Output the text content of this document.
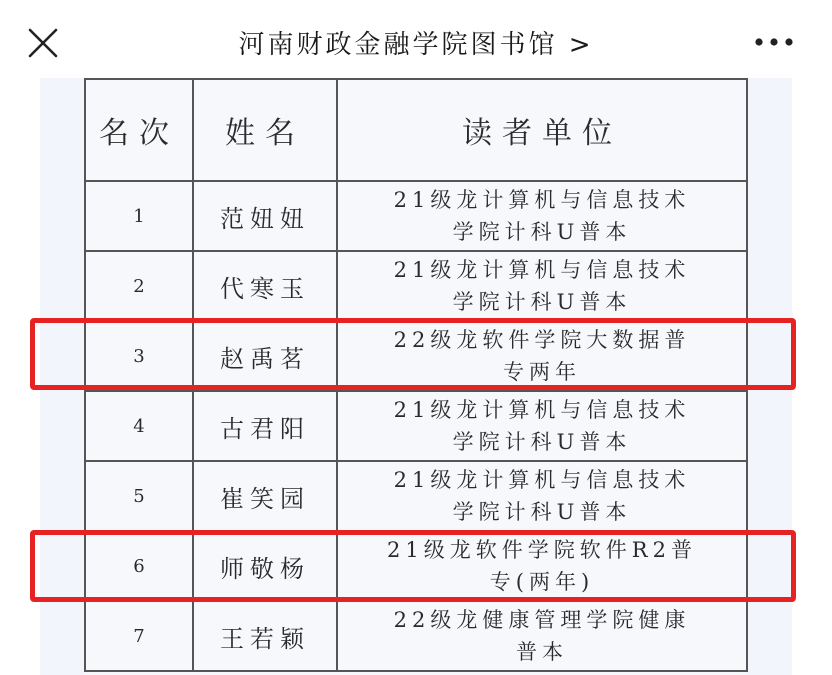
河南财政金融学院图书馆 >
名次	姓名	读者单位
1	范妞妞	21级龙计算机与信息技术
学院计科U普本

2	代寒玉	21级龙计算机与信息技术
学院计科U普本

3	赵禹茗	22级龙软件学院大数据普
专两年

4	古君阳	21级龙计算机与信息技术
学院计科U普本

5	崔笑园	21级龙计算机与信息技术
学院计科U普本

6	师敬杨	21级龙软件学院软件R2普
专(两年)

7	王若颖	22级龙健康管理学院健康
普本
